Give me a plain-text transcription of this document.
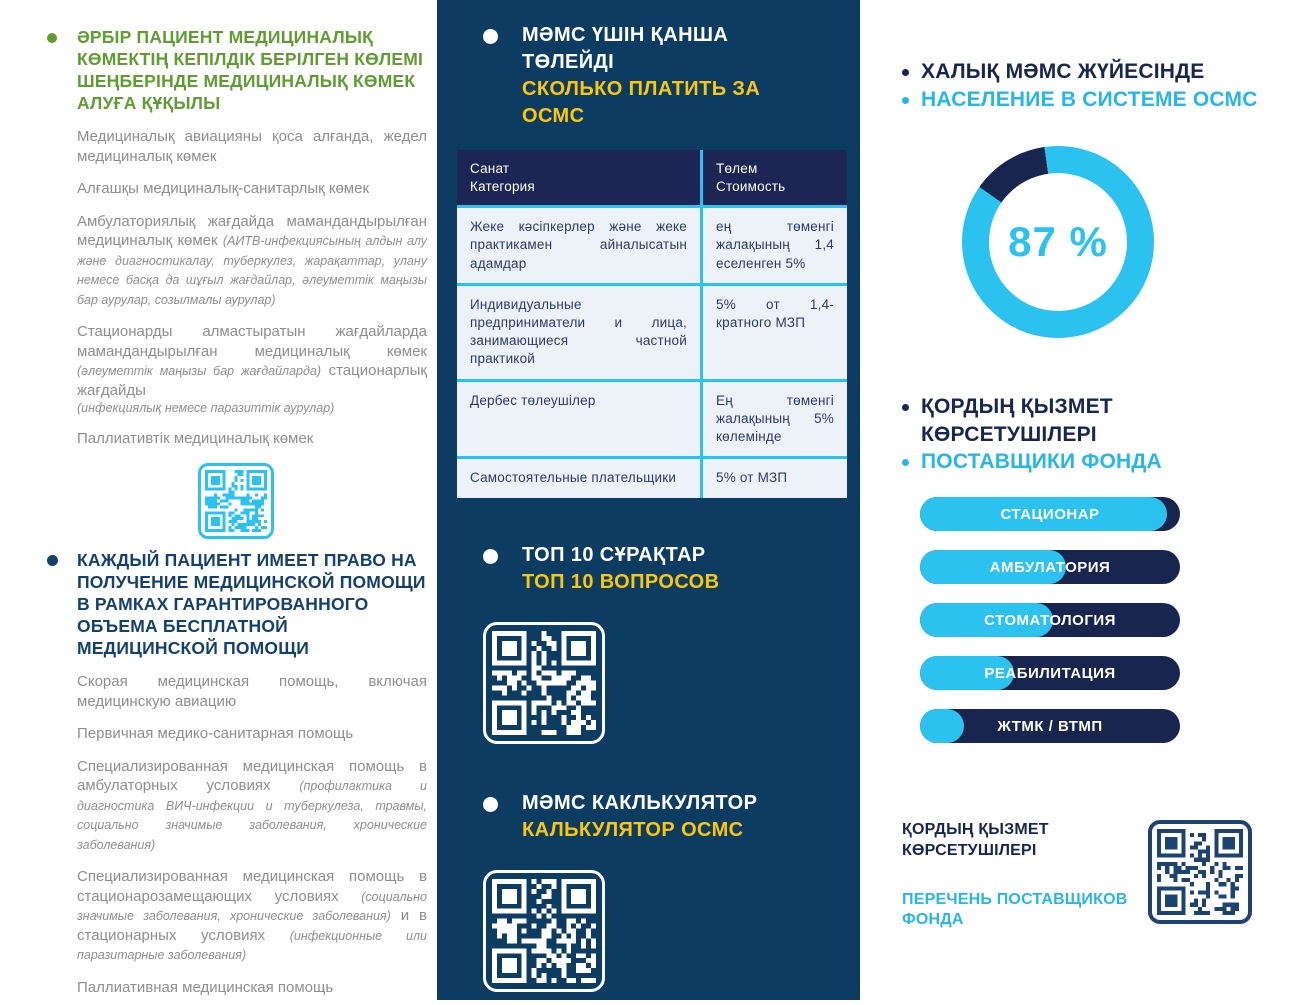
ӘРБІР ПАЦИЕНТ МЕДИЦИНАЛЫҚ КӨМЕКТІҢ КЕПІЛДІК БЕРІЛГЕН КӨЛЕМІ ШЕҢБЕРІНДЕ МЕДИЦИНАЛЫҚ КӨМЕК АЛУҒА ҚҰҚЫЛЫ

Медициналық авиацияны қоса алғанда, жедел медициналық көмек

Алғашқы медициналық-санитарлық көмек

Амбулаториялық жағдайда мамандандырылған медициналық көмек (АИТВ-инфекциясының алдын алу және диагностикалау, туберкулез, жарақаттар, улану немесе басқа да шұғыл жағдайлар, әлеуметтік маңызы бар аурулар, созылмалы аурулар)

Стационарды алмастыратын жағдайларда мамандандырылған медициналық көмек (әлеуметтік маңызы бар жағдайларда) стационарлық жағдайды
(инфекциялық немесе паразиттік аурулар)

Паллиативтік медициналық көмек

КАЖДЫЙ ПАЦИЕНТ ИМЕЕТ ПРАВО НА ПОЛУЧЕНИЕ МЕДИЦИНСКОЙ ПОМОЩИ В РАМКАХ ГАРАНТИРОВАННОГО ОБЪЕМА БЕСПЛАТНОЙ МЕДИЦИНСКОЙ ПОМОЩИ

Скорая медицинская помощь, включая медицинскую авиацию

Первичная медико-санитарная помощь

Специализированная медицинская помощь в амбулаторных условиях (профилактика и диагностика ВИЧ-инфекции и туберкулеза, травмы, социально значимые заболевания, хронические заболевания)

Специализированная медицинская помощь в стационарозамещающих условиях (социально значимые заболевания, хронические заболевания) и в стационарных условиях (инфекционные или паразитарные заболевания)

Паллиативная медицинская помощь

МӘМС ҮШІН ҚАНША ТӨЛЕЙДІ
СКОЛЬКО ПЛАТИТЬ ЗА ОСМС
Санат
Категория
Төлем
Стоимость
Жеке кәсіпкерлер және жеке практикамен айналысатын адамдар
ең төменгі жалақының 1,4 еселенген 5%
Индивидуальные предприниматели и лица, занимающиеся частной практикой
5% от 1,4-кратного МЗП
Дербес төлеушілер	Ең төменгі жалақының 5% көлемінде
Самостоятельные плательщики	5% от МЗП
ТОП 10 СҰРАҚТАР
ТОП 10 ВОПРОСОВ
МӘМС КАКЛЬКУЛЯТОР
КАЛЬКУЛЯТОР ОСМС
ХАЛЫҚ МӘМС ЖҮЙЕСІНДЕ
НАСЕЛЕНИЕ В СИСТЕМЕ ОСМС
87 %
ҚОРДЫҢ ҚЫЗМЕТ КӨРСЕТУШІЛЕРІ
ПОСТАВЩИКИ ФОНДА
СТАЦИОНАР
АМБУЛАТОРИЯ
СТОМАТОЛОГИЯ
РЕАБИЛИТАЦИЯ
ЖТМК / ВТМП
ҚОРДЫҢ ҚЫЗМЕТ КӨРСЕТУШІЛЕРІ
ПЕРЕЧЕНЬ ПОСТАВЩИКОВ ФОНДА
